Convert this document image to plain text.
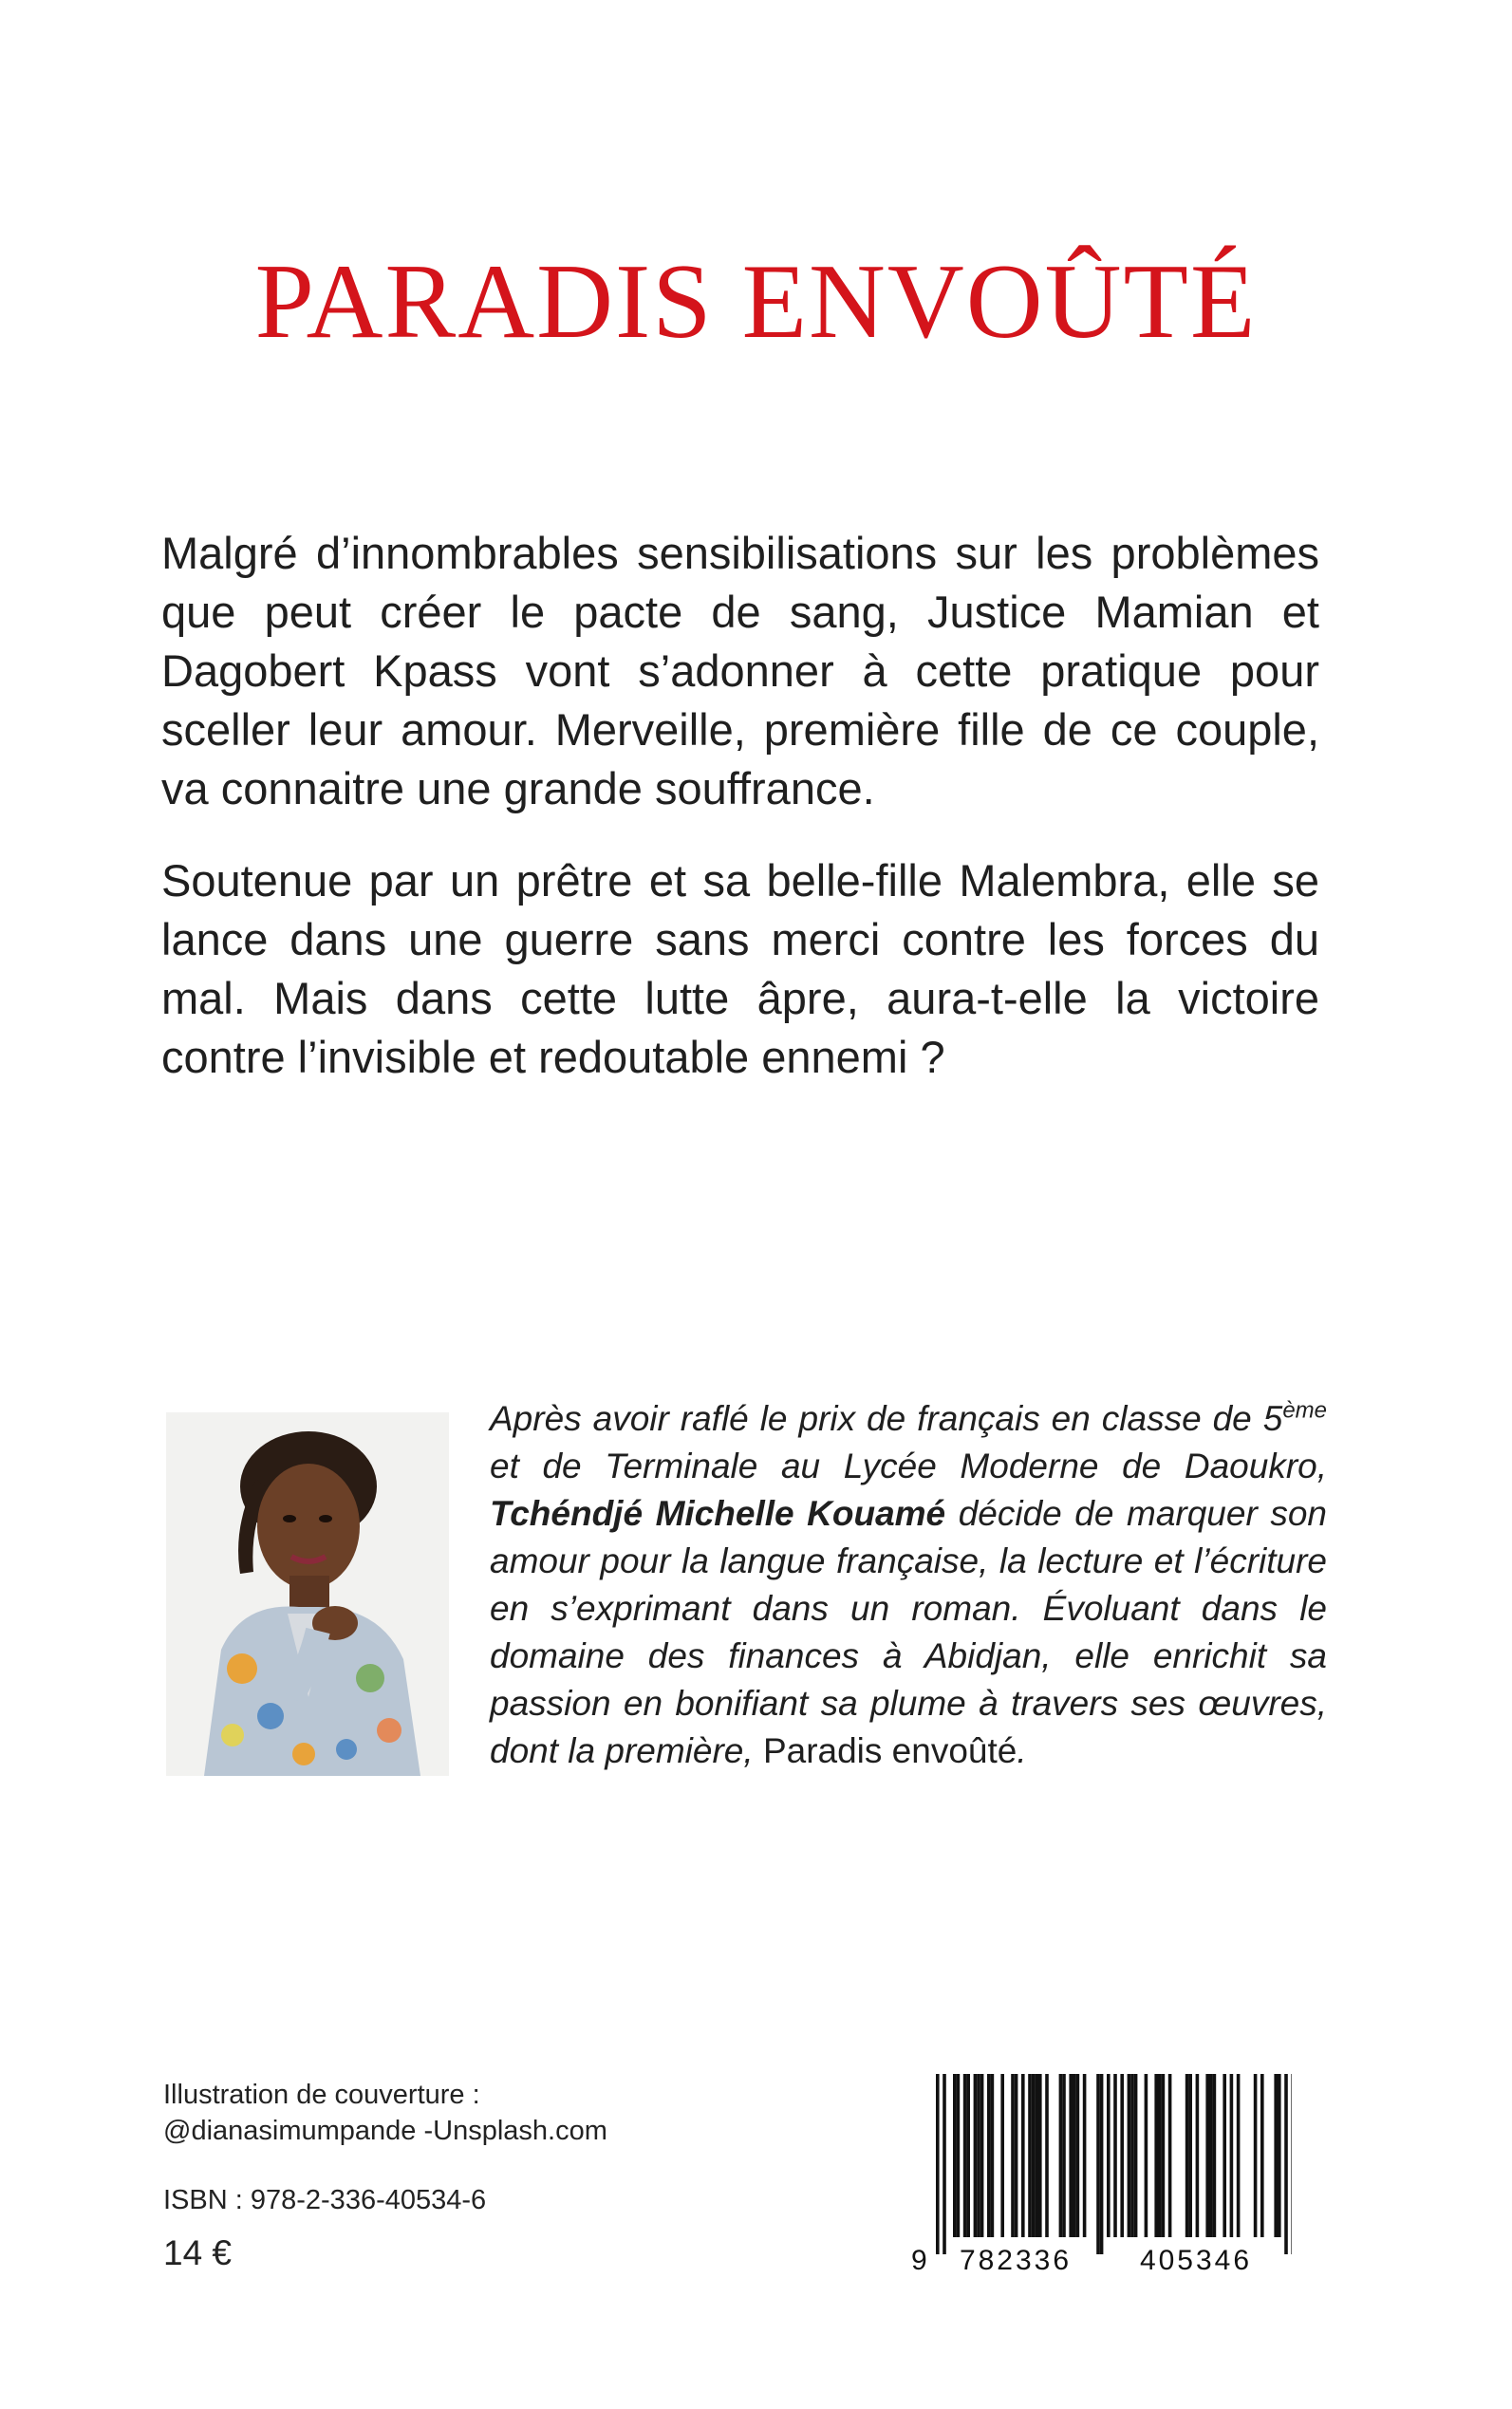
PARADIS ENVOÛTÉ

Malgré d’innombrables sensibilisations sur les problèmes que peut créer le pacte de sang, Justice Mamian et Dagobert Kpass vont s’adonner à cette pratique pour sceller leur amour. Merveille, première fille de ce couple, va connaitre une grande souffrance.

Soutenue par un prêtre et sa belle-fille Malembra, elle se lance dans une guerre sans merci contre les forces du mal. Mais dans cette lutte âpre, aura-t-elle la victoire contre l’invisible et redoutable ennemi ?

Après avoir raflé le prix de français en classe de 5ème et de Terminale au Lycée Moderne de Daoukro, Tchéndjé Michelle Kouamé décide de marquer son amour pour la langue française, la lecture et l’écriture en s’exprimant dans un roman. Évoluant dans le domaine des finances à Abidjan, elle enrichit sa passion en bonifiant sa plume à travers ses œuvres, dont la première, Paradis envoûté.

Illustration de couverture :
@dianasimumpande -Unsplash.com
ISBN : 978-2-336-40534-6
14 €	9 782336 405346
